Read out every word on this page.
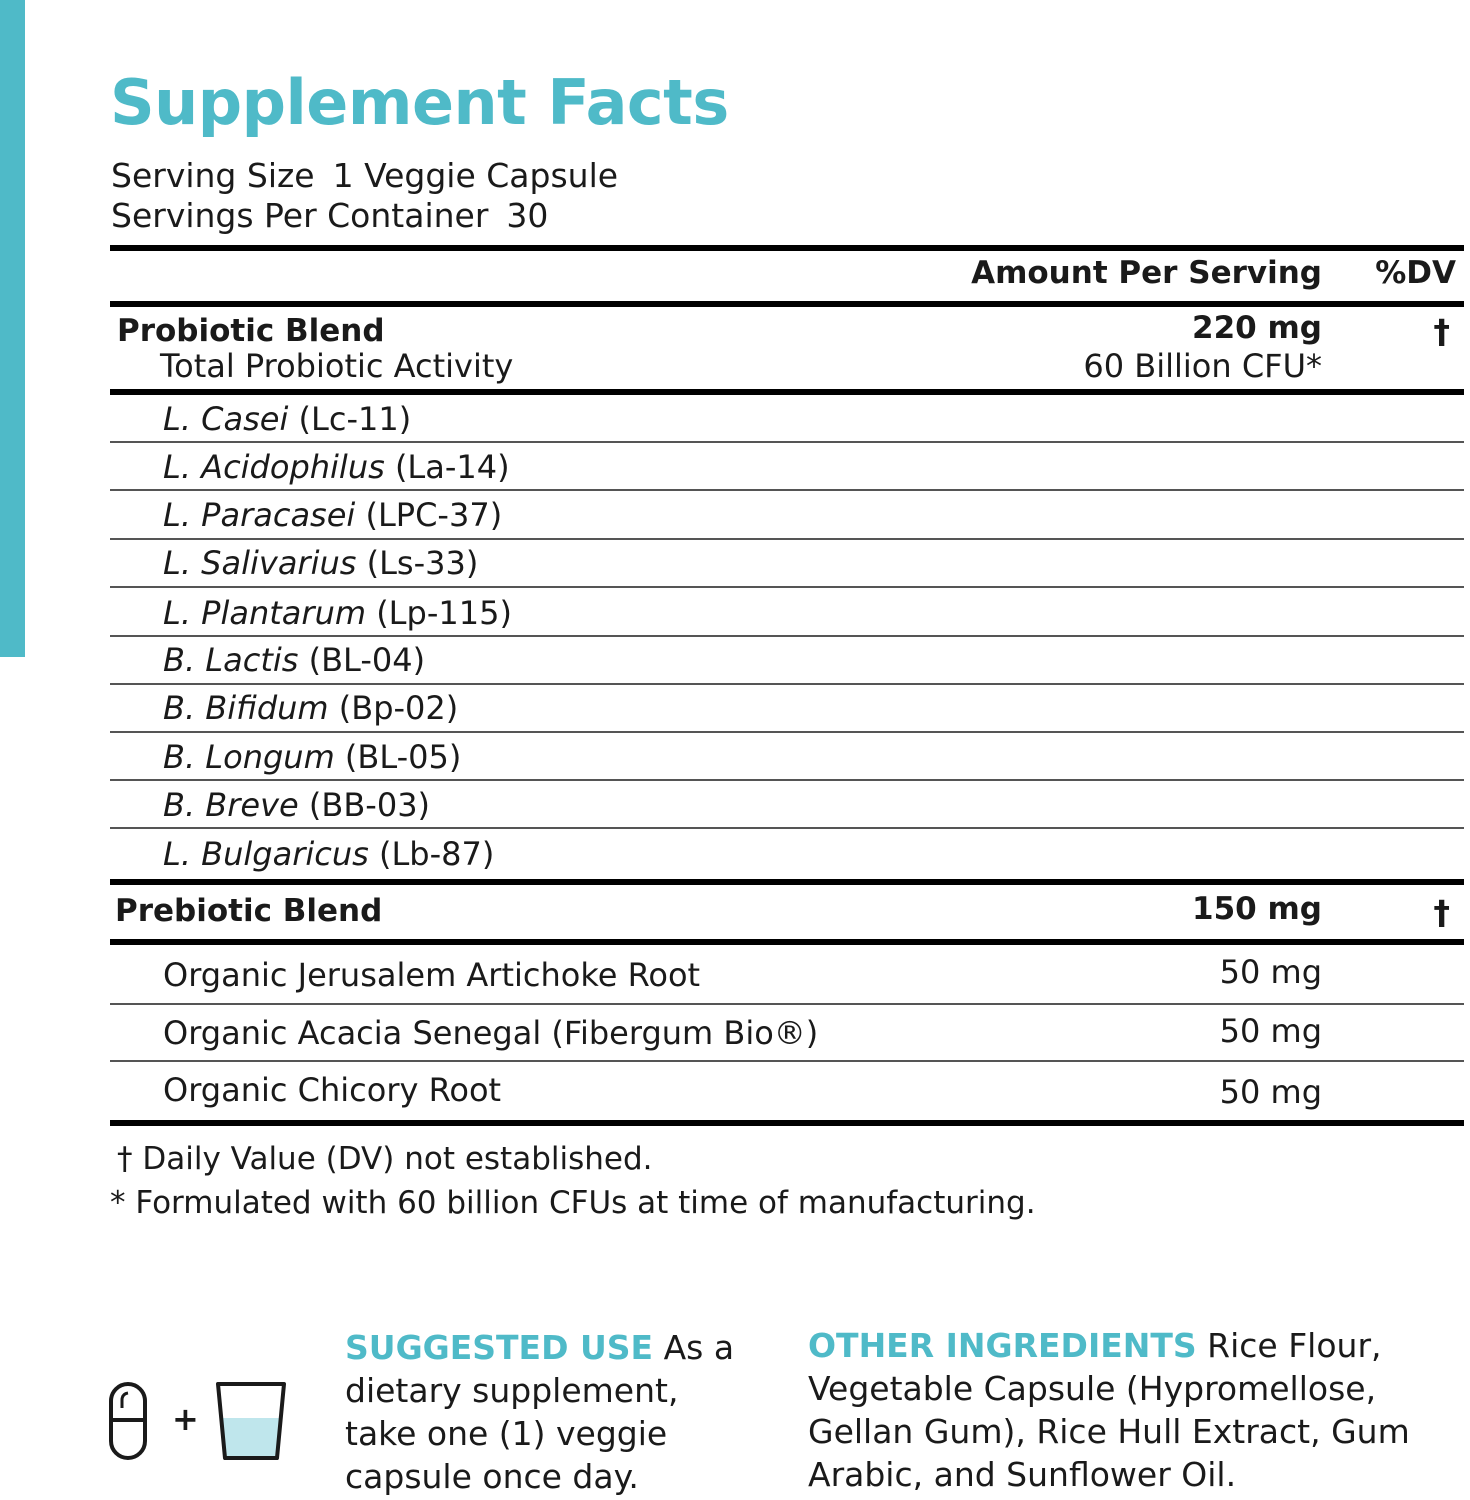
Supplement Facts
Serving Size 1 Veggie Capsule
Servings Per Container 30
Amount Per Serving %DV
Probiotic Blend	220 mg	†
Total Probiotic Activity	60 Billion CFU*
L. Casei (Lc-11)
L. Acidophilus (La-14)
L. Paracasei (LPC-37)
L. Salivarius (Ls-33)
L. Plantarum (Lp-115)
B. Lactis (BL-04)
B. Bifidum (Bp-02)
B. Longum (BL-05)
B. Breve (BB-03)
L. Bulgaricus (Lb-87)
Prebiotic Blend	150 mg	†
Organic Jerusalem Artichoke Root	50 mg
Organic Acacia Senegal (Fibergum Bio®)	50 mg
Organic Chicory Root	50 mg
† Daily Value (DV) not established.
* Formulated with 60 billion CFUs at time of manufacturing.
+
SUGGESTED USE As a dietary supplement, take one (1) veggie capsule once day.
OTHER INGREDIENTS Rice Flour, Vegetable Capsule (Hypromellose, Gellan Gum), Rice Hull Extract, Gum Arabic, and Sunflower Oil.
